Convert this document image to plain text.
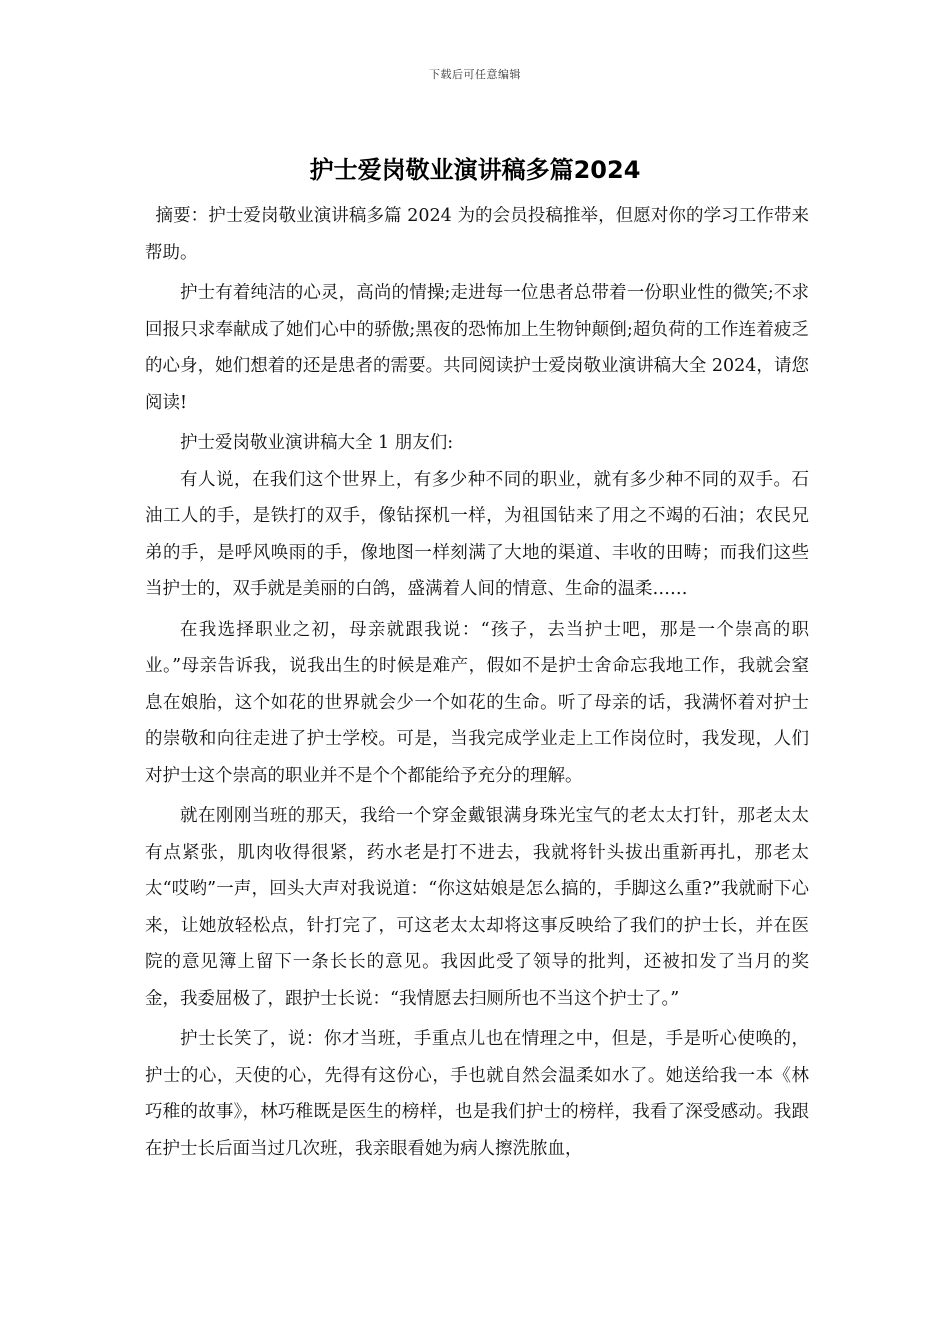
下载后可任意编辑
护士爱岗敬业演讲稿多篇2024

摘要：护士爱岗敬业演讲稿多篇 2024 为的会员投稿推举，但愿对你的学习工作带来帮助。

护士有着纯洁的心灵，高尚的情操;走进每一位患者总带着一份职业性的微笑;不求回报只求奉献成了她们心中的骄傲;黑夜的恐怖加上生物钟颠倒;超负荷的工作连着疲乏的心身，她们想着的还是患者的需要。共同阅读护士爱岗敬业演讲稿大全 2024，请您阅读!

护士爱岗敬业演讲稿大全 1 朋友们:

有人说，在我们这个世界上，有多少种不同的职业，就有多少种不同的双手。石油工人的手，是铁打的双手，像钻探机一样，为祖国钻来了用之不竭的石油；农民兄弟的手，是呼风唤雨的手，像地图一样刻满了大地的渠道、丰收的田畴；而我们这些当护士的，双手就是美丽的白鸽，盛满着人间的情意、生命的温柔……

在我选择职业之初，母亲就跟我说：“孩子，去当护士吧，那是一个崇高的职业。”母亲告诉我，说我出生的时候是难产，假如不是护士舍命忘我地工作，我就会窒息在娘胎，这个如花的世界就会少一个如花的生命。听了母亲的话，我满怀着对护士的崇敬和向往走进了护士学校。可是，当我完成学业走上工作岗位时，我发现，人们对护士这个崇高的职业并不是个个都能给予充分的理解。

就在刚刚当班的那天，我给一个穿金戴银满身珠光宝气的老太太打针，那老太太有点紧张，肌肉收得很紧，药水老是打不进去，我就将针头拔出重新再扎，那老太太“哎哟”一声，回头大声对我说道：“你这姑娘是怎么搞的，手脚这么重?”我就耐下心来，让她放轻松点，针打完了，可这老太太却将这事反映给了我们的护士长，并在医院的意见簿上留下一条长长的意见。我因此受了领导的批判，还被扣发了当月的奖金，我委屈极了，跟护士长说：“我情愿去扫厕所也不当这个护士了。”

护士长笑了，说：你才当班，手重点儿也在情理之中，但是，手是听心使唤的，护士的心，天使的心，先得有这份心，手也就自然会温柔如水了。她送给我一本《林巧稚的故事》，林巧稚既是医生的榜样，也是我们护士的榜样，我看了深受感动。我跟在护士长后面当过几次班，我亲眼看她为病人擦洗脓血，
